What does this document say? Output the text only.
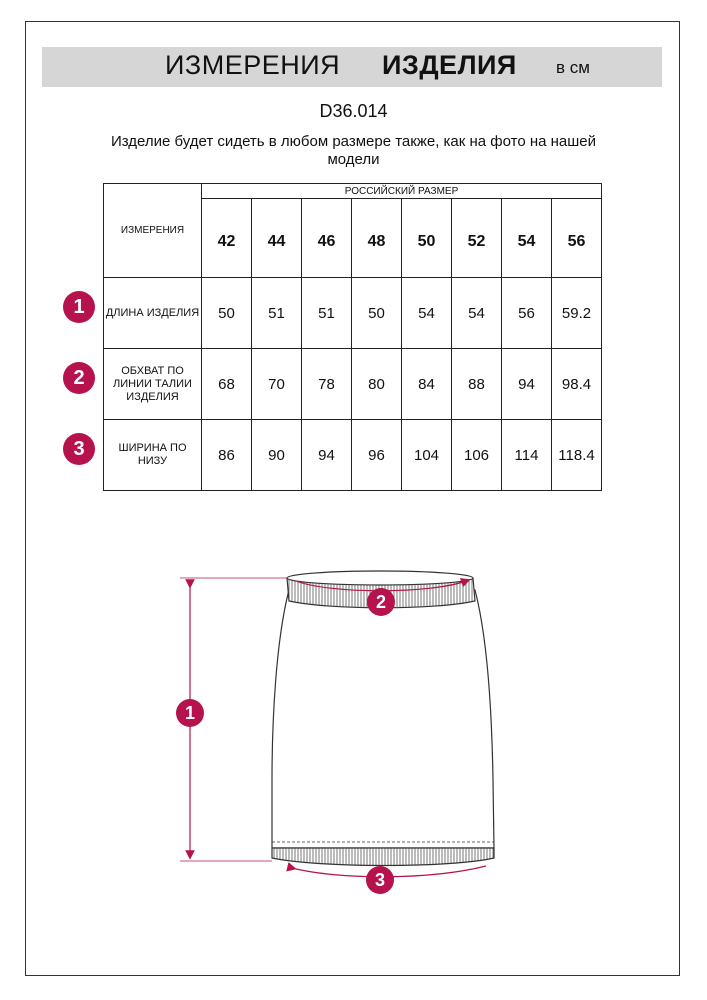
ИЗМЕРЕНИЯ ИЗДЕЛИЯ в см
D36.014
Изделие будет сидеть в любом размере также, как на фото на нашей модели
ИЗМЕРЕНИЯ	РОССИЙСКИЙ РАЗМЕР							
	42	44	46	48	50	52	54	56
ДЛИНА ИЗДЕЛИЯ	50	51	51	50	54	54	56	59.2
ОБХВАТ ПО ЛИНИИ ТАЛИИ ИЗДЕЛИЯ	68	70	78	80	84	88	94	98.4
ШИРИНА ПО НИЗУ	86	90	94	96	104	106	114	118.4
1
2
3
1
2
3
